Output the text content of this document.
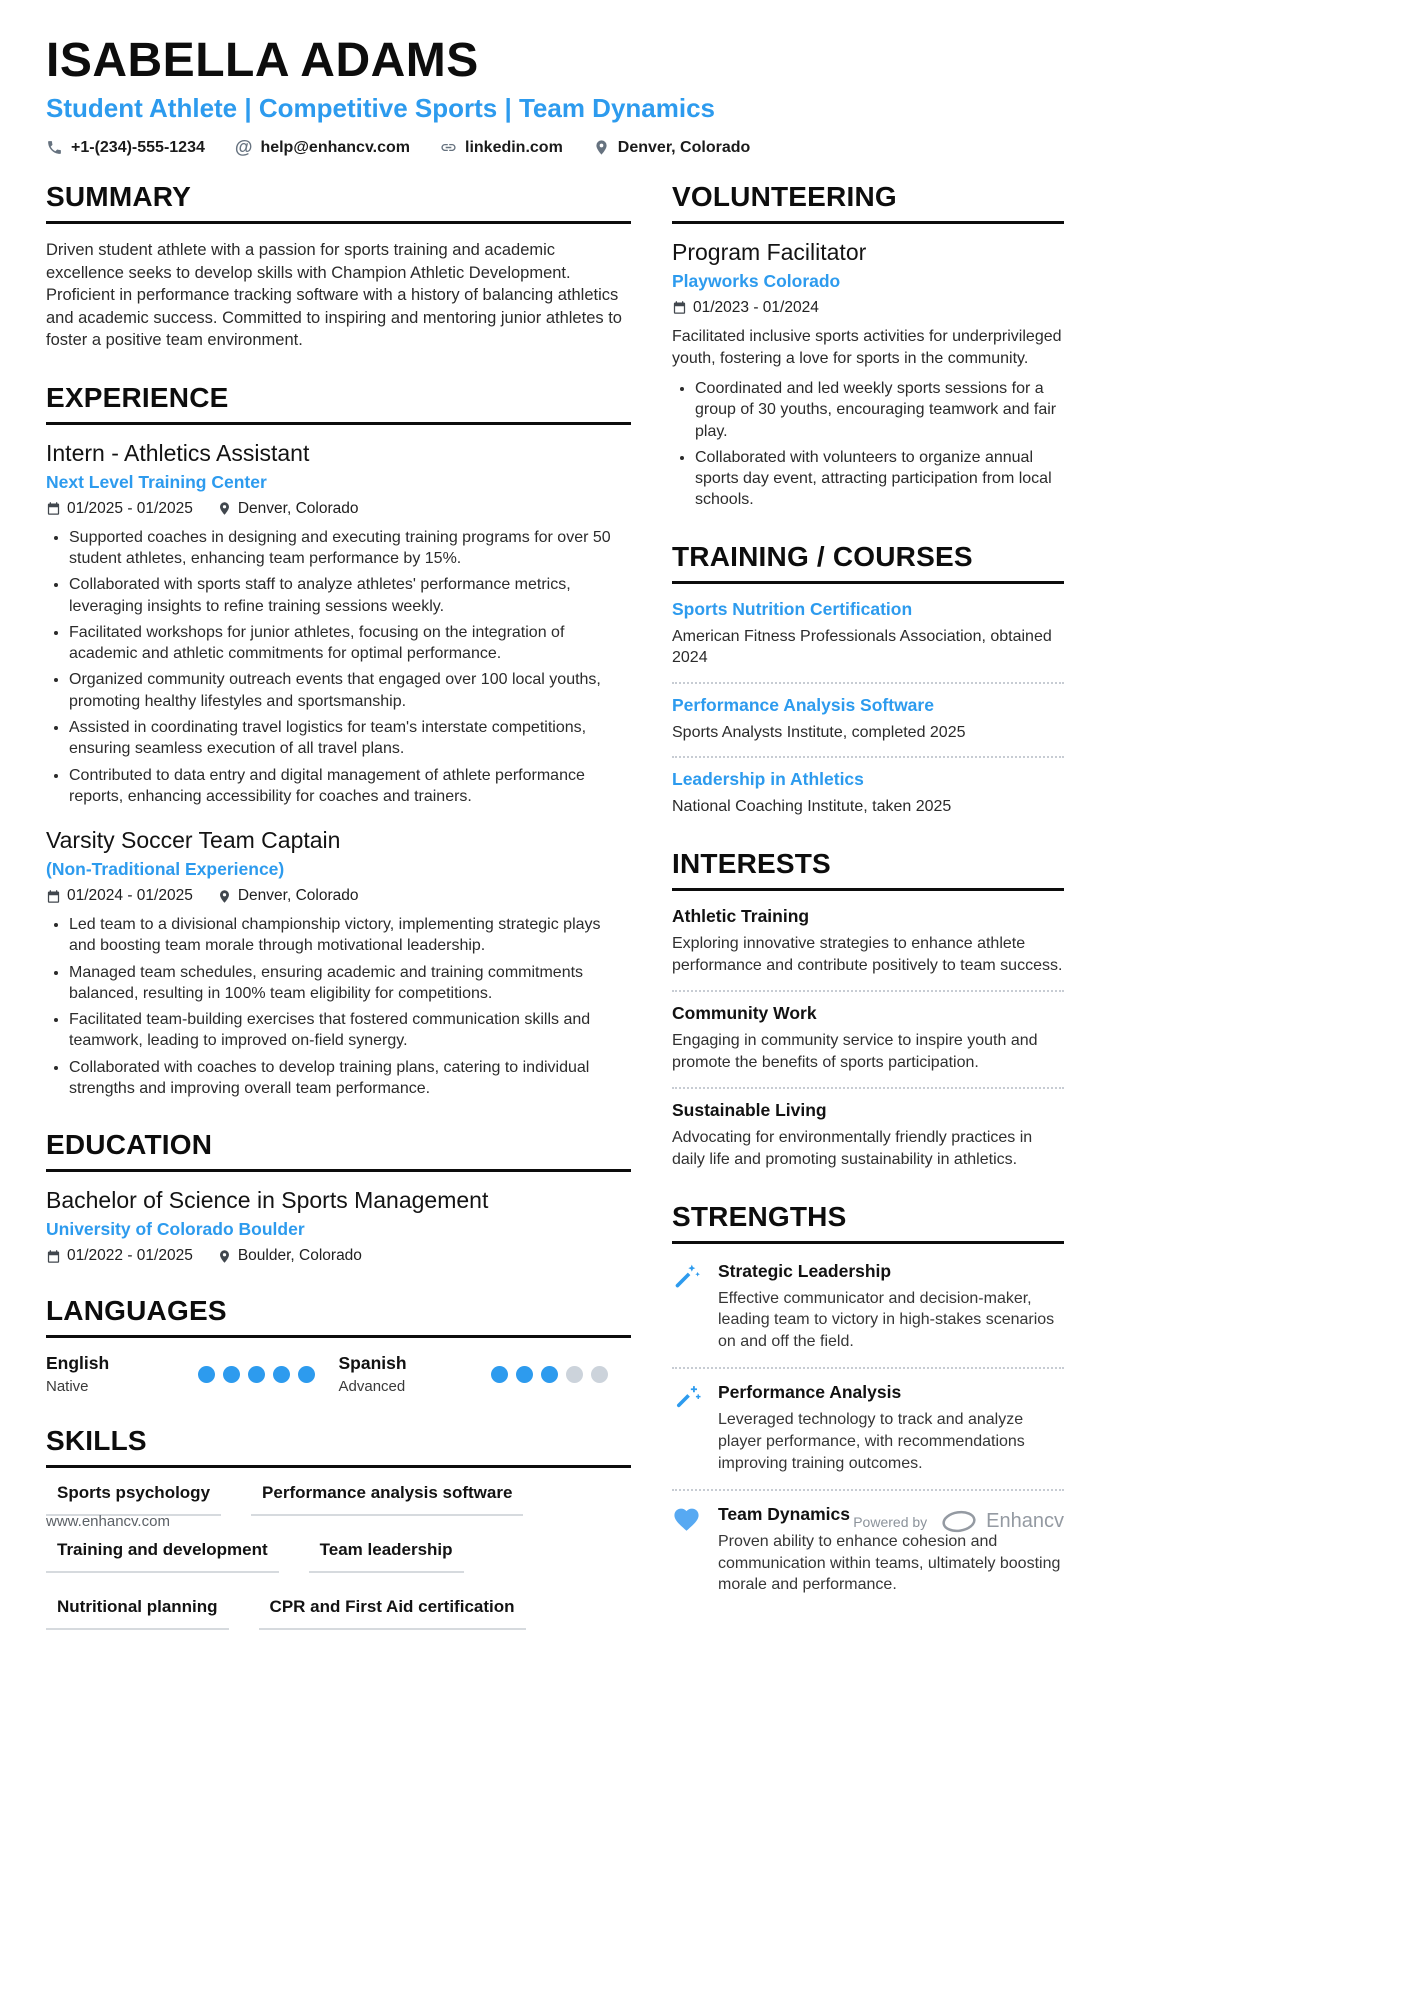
ISABELLA ADAMS
Student Athlete | Competitive Sports | Team Dynamics
+1-(234)-555-1234 @ help@enhancv.com	linkedin.com	Denver, Colorado
SUMMARY
Driven student athlete with a passion for sports training and academic excellence seeks to develop skills with Champion Athletic Development. Proficient in performance tracking software with a history of balancing athletics and academic success. Committed to inspiring and mentoring junior athletes to foster a positive team environment.
EXPERIENCE
Intern - Athletics Assistant
Next Level Training Center
01/2025 - 01/2025	Denver, Colorado
• Supported coaches in designing and executing training programs for over 50 student athletes, enhancing team performance by 15%.
• Collaborated with sports staff to analyze athletes' performance metrics, leveraging insights to refine training sessions weekly.
• Facilitated workshops for junior athletes, focusing on the integration of academic and athletic commitments for optimal performance.
• Organized community outreach events that engaged over 100 local youths, promoting healthy lifestyles and sportsmanship.
• Assisted in coordinating travel logistics for team's interstate competitions, ensuring seamless execution of all travel plans.
• Contributed to data entry and digital management of athlete performance reports, enhancing accessibility for coaches and trainers.
Varsity Soccer Team Captain
(Non-Traditional Experience)
01/2024 - 01/2025	Denver, Colorado
• Led team to a divisional championship victory, implementing strategic plays and boosting team morale through motivational leadership.
• Managed team schedules, ensuring academic and training commitments balanced, resulting in 100% team eligibility for competitions.
• Facilitated team-building exercises that fostered communication skills and teamwork, leading to improved on-field synergy.
• Collaborated with coaches to develop training plans, catering to individual strengths and improving overall team performance.
EDUCATION
Bachelor of Science in Sports Management
University of Colorado Boulder
01/2022 - 01/2025	Boulder, Colorado
LANGUAGES
English
Native
Spanish
Advanced
SKILLS
Sports psychology	Performance analysis software
Training and development	Team leadership
Nutritional planning	CPR and First Aid certification
VOLUNTEERING
Program Facilitator
Playworks Colorado
01/2023 - 01/2024
Facilitated inclusive sports activities for underprivileged youth, fostering a love for sports in the community.
• Coordinated and led weekly sports sessions for a group of 30 youths, encouraging teamwork and fair play.
• Collaborated with volunteers to organize annual sports day event, attracting participation from local schools.
TRAINING / COURSES
Sports Nutrition Certification
American Fitness Professionals Association, obtained 2024
Performance Analysis Software
Sports Analysts Institute, completed 2025
Leadership in Athletics
National Coaching Institute, taken 2025
INTERESTS
Athletic Training
Exploring innovative strategies to enhance athlete performance and contribute positively to team success.
Community Work
Engaging in community service to inspire youth and promote the benefits of sports participation.
Sustainable Living
Advocating for environmentally friendly practices in daily life and promoting sustainability in athletics.
STRENGTHS
Strategic Leadership
Effective communicator and decision-maker, leading team to victory in high-stakes scenarios on and off the field.
Performance Analysis
Leveraged technology to track and analyze player performance, with recommendations improving training outcomes.
Team Dynamics
Proven ability to enhance cohesion and communication within teams, ultimately boosting morale and performance.
www.enhancv.com	Powered by	Enhancv
